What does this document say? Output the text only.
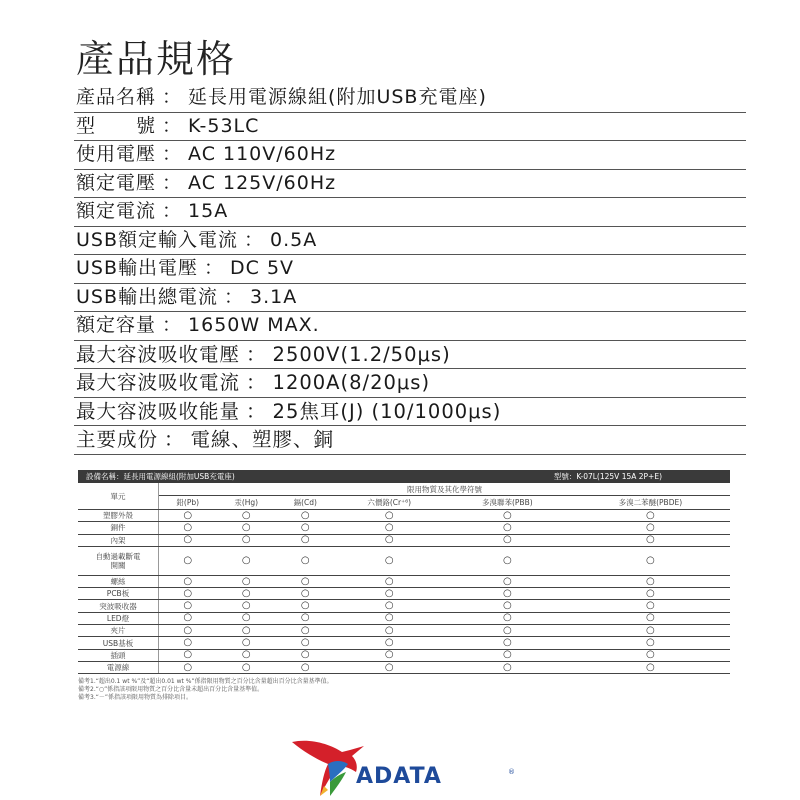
產品規格
產品名稱 ： 延長用電源線組(附加USB充電座)
型　　號 ： K-53LC
使用電壓 ： AC 110V/60Hz
額定電壓 ： AC 125V/60Hz
額定電流 ： 15A
USB額定輸入電流 ： 0.5A
USB輸出電壓 ： DC 5V
USB輸出總電流 ： 3.1A
額定容量 ： 1650W MAX.
最大容波吸收電壓 ： 2500V(1.2/50μs)
最大容波吸收電流 ： 1200A(8/20μs)
最大容波吸收能量 ： 25焦耳(J) (10/1000μs)
主要成份 ： 電線、塑膠、銅
設備名稱：延長用電源線組(附加USB充電座)	型號：K-07L(125V 15A 2P+E)
單元	限用物質及其化學符號					
	鉛(Pb)	汞(Hg)	鎘(Cd)	六價鉻(Cr⁺⁶)	多溴聯苯(PBB)	多溴二苯醚(PBDE)
塑膠外殼	○	○	○	○	○	○
銅件	○	○	○	○	○	○
內架	○	○	○	○	○	○
自動過載斷電開關	○	○	○	○	○	○
螺絲	○	○	○	○	○	○
PCB板	○	○	○	○	○	○
突波吸收器	○	○	○	○	○	○
LED燈	○	○	○	○	○	○
夾片	○	○	○	○	○	○
USB基板	○	○	○	○	○	○
插頭	○	○	○	○	○	○
電源線	○	○	○	○	○	○
備考1.“超出0.1 wt %”及“超出0.01 wt %”係指限用物質之百分比含量超出百分比含量基準值。
備考2.“○”係指該項限用物質之百分比含量未超出百分比含量基準值。
備考3.“－”係指該項限用物質為排除項目。
ADATA	®
